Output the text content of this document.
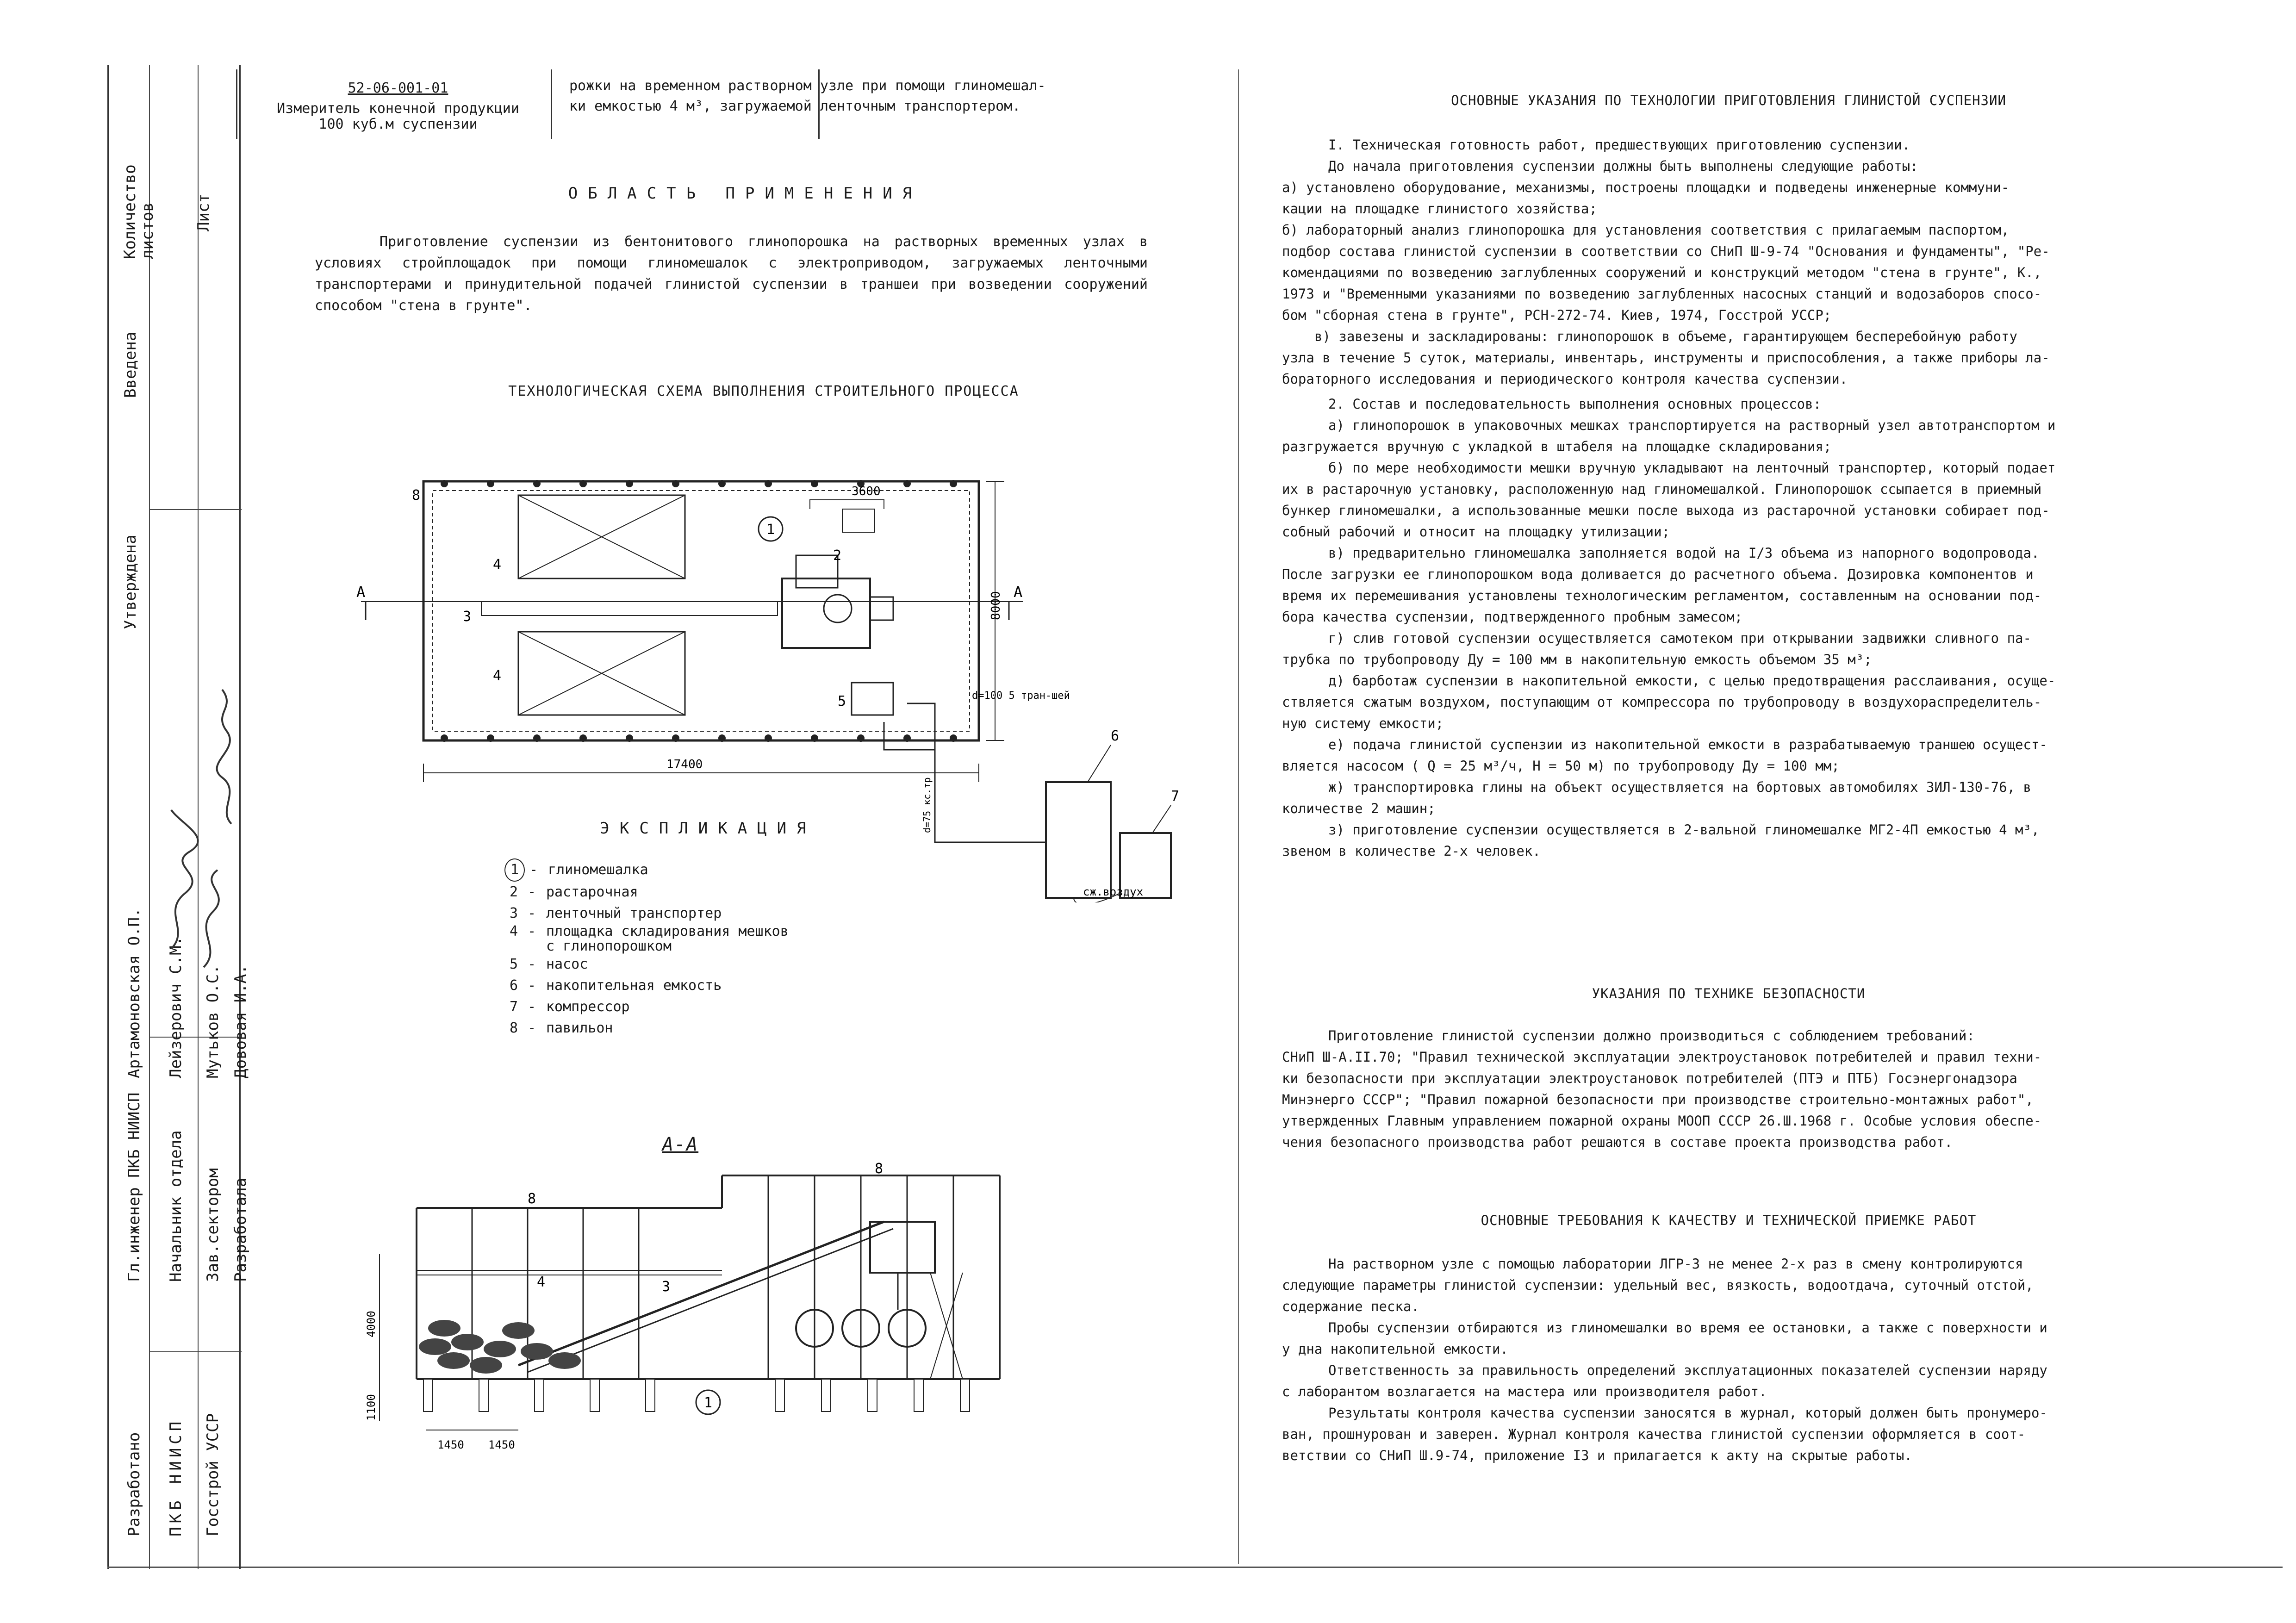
52-06-001-01
Измеритель конечной продукции
100 куб.м суспензии
рожки на временном растворном узле при помощи глиномешал-
ки емкостью 4 м³, загружаемой ленточным транспортером.
Разработано ПКБ НИИСП Госстрой УССР
Гл.инженер ПКБ НИИСП Начальник отдела Зав.сектором Разработала
Артамоновская О.П. Лейзерович С.М. Мутьков О.С. Дововая И.А.
Введена
Утверждена
Количество листов Лист
ОБЛАСТЬ ПРИМЕНЕНИЯ
Приготовление суспензии из бентонитового глинопорошка на растворных временных узлах в условиях стройплощадок при помощи глиномешалок с электроприводом, загружаемых ленточными транспортерами и принудительной подачей глинистой суспензии в траншеи при возведении сооружений способом "стена в грунте".
ТЕХНОЛОГИЧЕСКАЯ СХЕМА ВЫПОЛНЕНИЯ СТРОИТЕЛЬНОГО ПРОЦЕССА
1
2
3
4
4
5
6
7
8
А	А
17400
3600
8000
d=100 5 тран-шей
d=75 кс.тр
сж.воздух
ЭКСПЛИКАЦИЯ
1 - глиномешалка
2 - растарочная
3 - ленточный транспортер
4 - площадка складирования мешков
с глинопорошком
5 - насос
6 - накопительная емкость
7 - компрессор
8 - павильон
А-А
8
8
4	3
1
4000
1100
1450 1450
ОСНОВНЫЕ УКАЗАНИЯ ПО ТЕХНОЛОГИИ ПРИГОТОВЛЕНИЯ ГЛИНИСТОЙ СУСПЕНЗИИ

I. Техническая готовность работ, предшествующих приготовлению суспензии.

До начала приготовления суспензии должны быть выполнены следующие работы:

а) установлено оборудование, механизмы, построены площадки и подведены инженерные коммуни-

кации на площадке глинистого хозяйства;

б) лабораторный анализ глинопорошка для установления соответствия с прилагаемым паспортом,

подбор состава глинистой суспензии в соответствии со СНиП Ш-9-74 "Основания и фундаменты", "Ре-

комендациями по возведению заглубленных сооружений и конструкций методом "стена в грунте", К.,

1973 и "Временными указаниями по возведению заглубленных насосных станций и водозаборов спосо-

бом "сборная стена в грунте", РСН-272-74. Киев, 1974, Госстрой УССР;

в) завезены и заскладированы: глинопорошок в объеме, гарантирующем бесперебойную работу

узла в течение 5 суток, материалы, инвентарь, инструменты и приспособления, а также приборы ла-

бораторного исследования и периодического контроля качества суспензии.

2. Состав и последовательность выполнения основных процессов:

а) глинопорошок в упаковочных мешках транспортируется на растворный узел автотранспортом и

разгружается вручную с укладкой в штабеля на площадке складирования;

б) по мере необходимости мешки вручную укладывают на ленточный транспортер, который подает

их в растарочную установку, расположенную над глиномешалкой. Глинопорошок ссыпается в приемный

бункер глиномешалки, а использованные мешки после выхода из растарочной установки собирает под-

собный рабочий и относит на площадку утилизации;

в) предварительно глиномешалка заполняется водой на I/3 объема из напорного водопровода.

После загрузки ее глинопорошком вода доливается до расчетного объема. Дозировка компонентов и

время их перемешивания установлены технологическим регламентом, составленным на основании под-

бора качества суспензии, подтвержденного пробным замесом;

г) слив готовой суспензии осуществляется самотеком при открывании задвижки сливного па-

трубка по трубопроводу Ду = 100 мм в накопительную емкость объемом 35 м³;

д) барботаж суспензии в накопительной емкости, с целью предотвращения расслаивания, осуще-

ствляется сжатым воздухом, поступающим от компрессора по трубопроводу в воздухораспределитель-

ную систему емкости;

е) подача глинистой суспензии из накопительной емкости в разрабатываемую траншею осущест-

вляется насосом ( Q = 25 м³/ч, Н = 50 м) по трубопроводу Ду = 100 мм;

ж) транспортировка глины на объект осуществляется на бортовых автомобилях ЗИЛ-130-76, в

количестве 2 машин;

з) приготовление суспензии осуществляется в 2-вальной глиномешалке МГ2-4П емкостью 4 м³,

звеном в количестве 2-х человек.

УКАЗАНИЯ ПО ТЕХНИКЕ БЕЗОПАСНОСТИ

Приготовление глинистой суспензии должно производиться с соблюдением требований:

СНиП Ш-А.II.70; "Правил технической эксплуатации электроустановок потребителей и правил техни-

ки безопасности при эксплуатации электроустановок потребителей (ПТЭ и ПТБ) Госэнергонадзора

Минэнерго СССР"; "Правил пожарной безопасности при производстве строительно-монтажных работ",

утвержденных Главным управлением пожарной охраны МООП СССР 26.Ш.1968 г. Особые условия обеспе-

чения безопасного производства работ решаются в составе проекта производства работ.

ОСНОВНЫЕ ТРЕБОВАНИЯ К КАЧЕСТВУ И ТЕХНИЧЕСКОЙ ПРИЕМКЕ РАБОТ

На растворном узле с помощью лаборатории ЛГР-3 не менее 2-х раз в смену контролируются

следующие параметры глинистой суспензии: удельный вес, вязкость, водоотдача, суточный отстой,

содержание песка.

Пробы суспензии отбираются из глиномешалки во время ее остановки, а также с поверхности и

у дна накопительной емкости.

Ответственность за правильность определений эксплуатационных показателей суспензии наряду

с лаборантом возлагается на мастера или производителя работ.

Результаты контроля качества суспензии заносятся в журнал, который должен быть пронумеро-

ван, прошнурован и заверен. Журнал контроля качества глинистой суспензии оформляется в соот-

ветствии со СНиП Ш.9-74, приложение I3 и прилагается к акту на скрытые работы.
